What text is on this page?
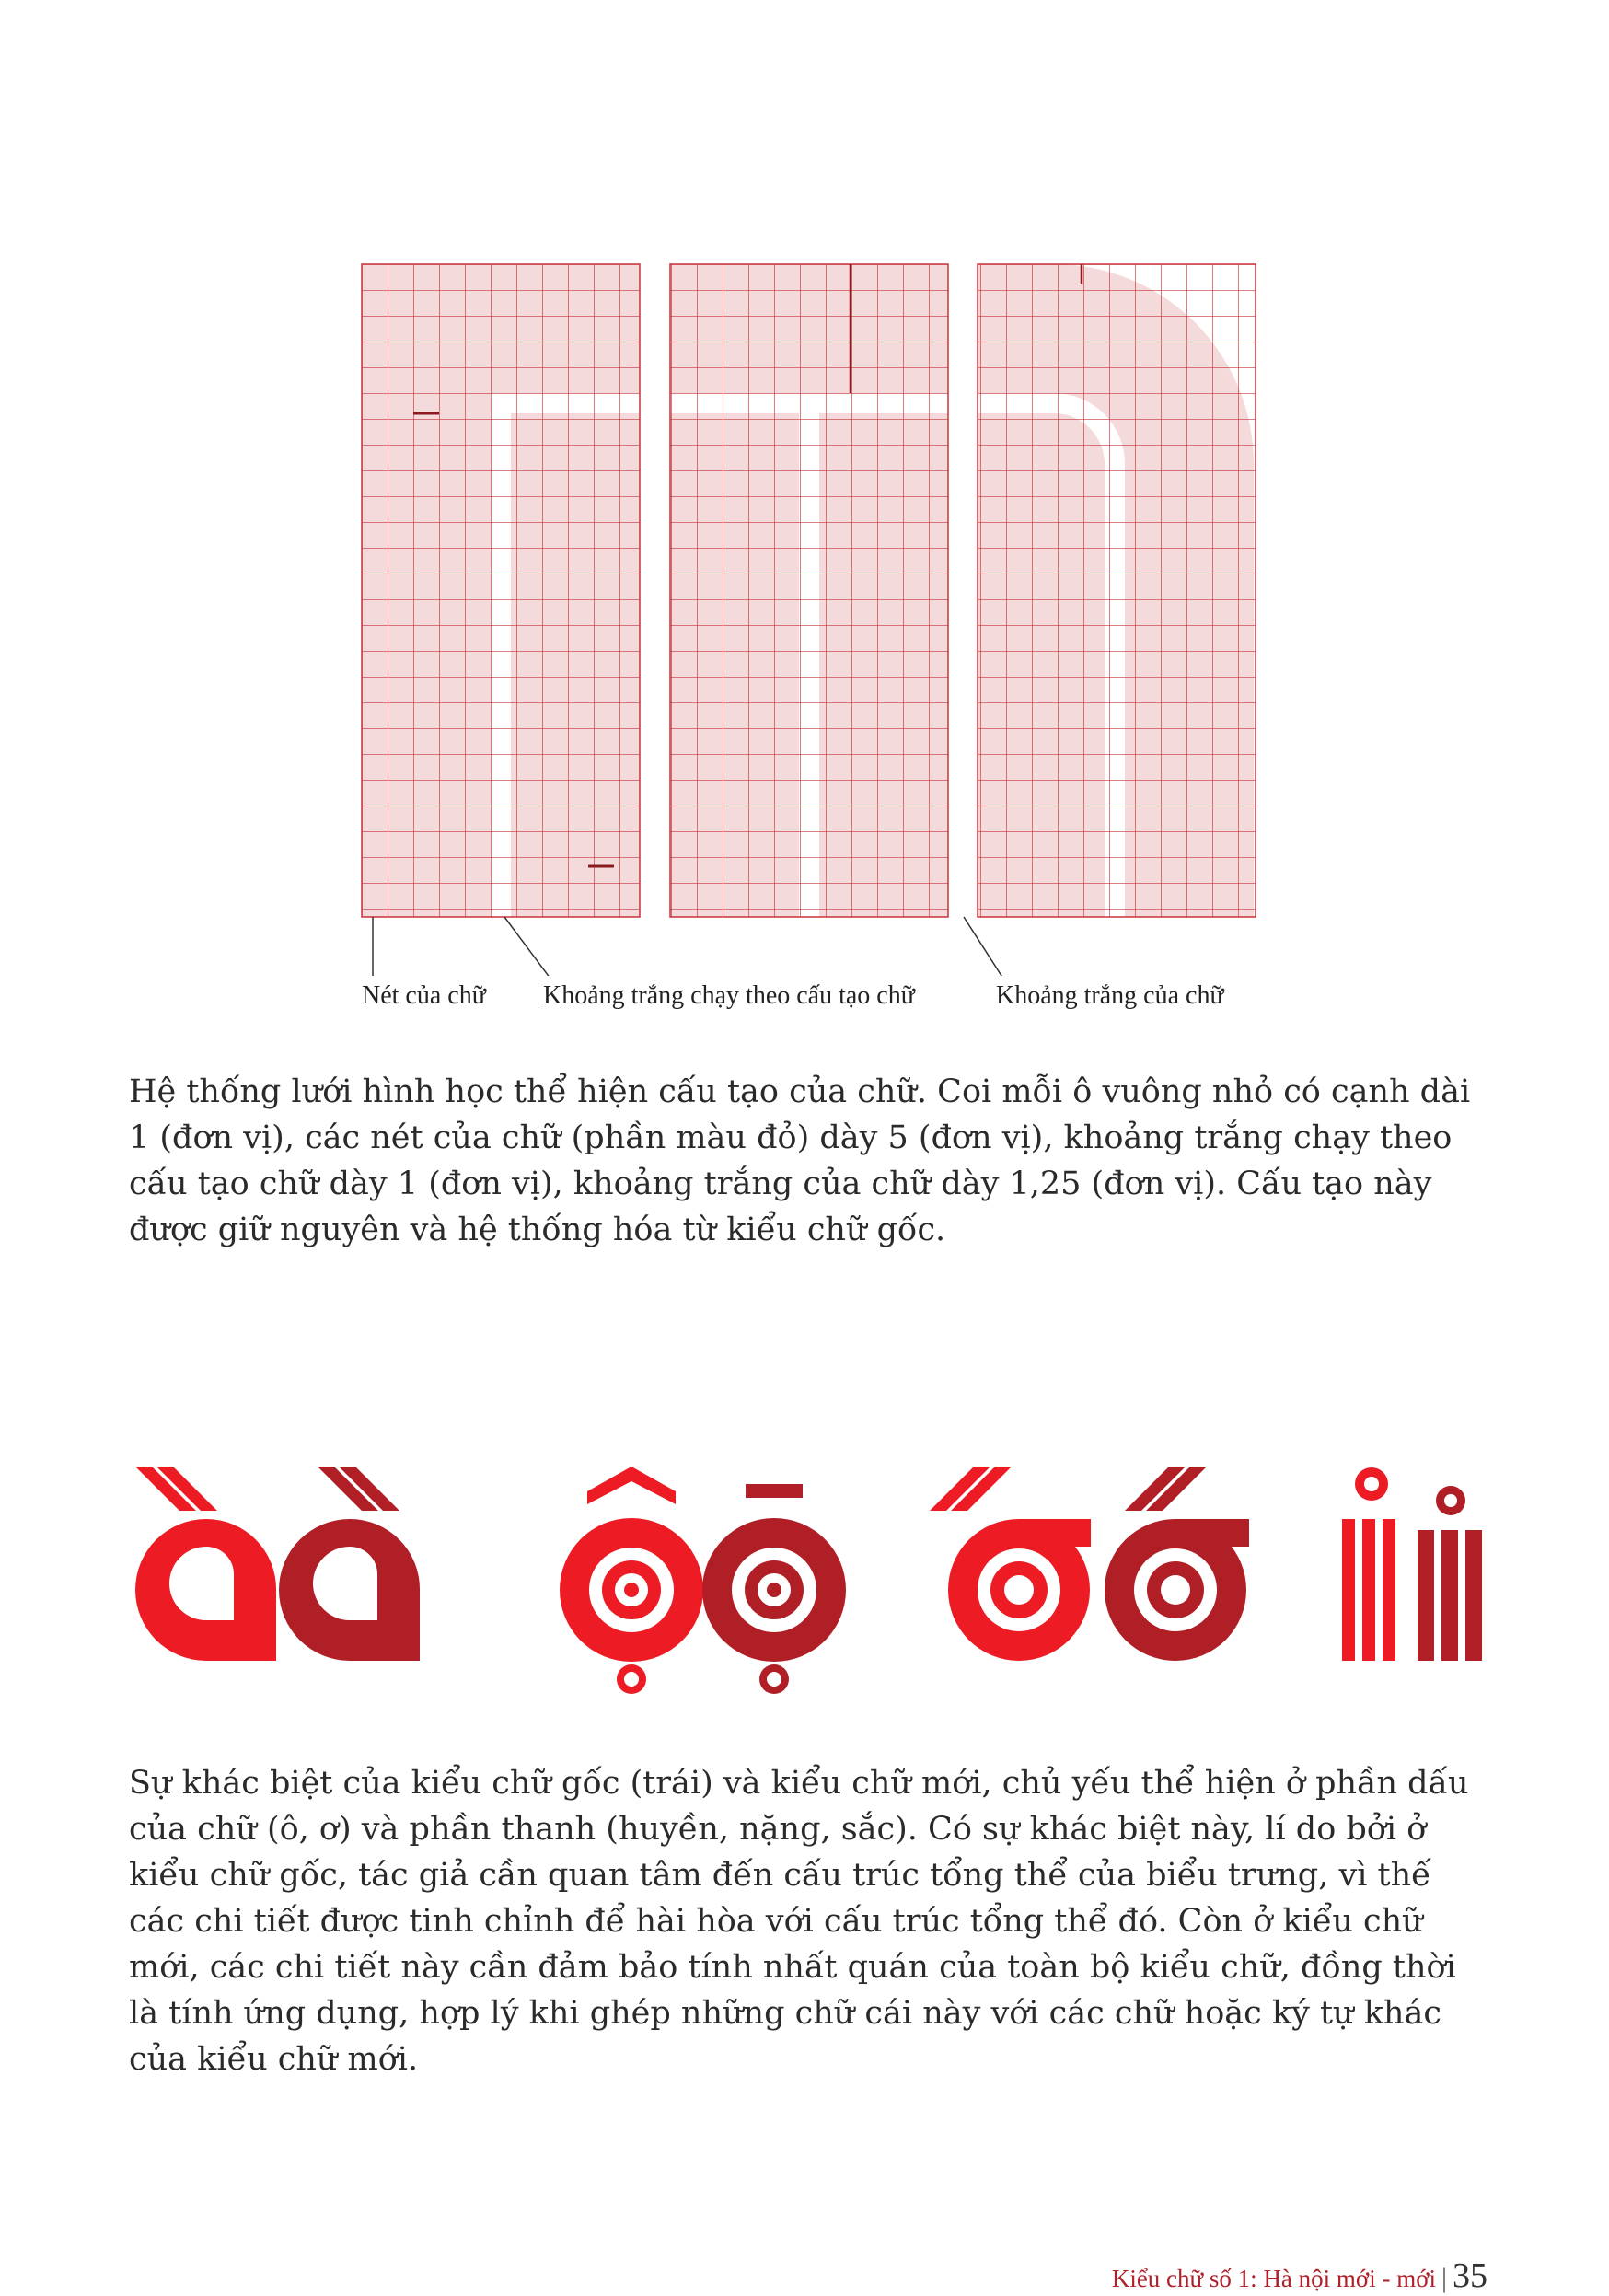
Nét của chữ Khoảng trắng chạy theo cấu tạo chữ	Khoảng trắng của chữ

Hệ thống lưới hình học thể hiện cấu tạo của chữ. Coi mỗi ô vuông nhỏ có cạnh dài 1 (đơn vị), các nét của chữ (phần màu đỏ) dày 5 (đơn vị), khoảng trắng chạy theo cấu tạo chữ dày 1 (đơn vị), khoảng trắng của chữ dày 1,25 (đơn vị). Cấu tạo này được giữ nguyên và hệ thống hóa từ kiểu chữ gốc.

Sự khác biệt của kiểu chữ gốc (trái) và kiểu chữ mới, chủ yếu thể hiện ở phần dấu của chữ (ô, ơ) và phần thanh (huyền, nặng, sắc). Có sự khác biệt này, lí do bởi ở kiểu chữ gốc, tác giả cần quan tâm đến cấu trúc tổng thể của biểu trưng, vì thế các chi tiết được tinh chỉnh để hài hòa với cấu trúc tổng thể đó. Còn ở kiểu chữ mới, các chi tiết này cần đảm bảo tính nhất quán của toàn bộ kiểu chữ, đồng thời là tính ứng dụng, hợp lý khi ghép những chữ cái này với các chữ hoặc ký tự khác của kiểu chữ mới.

Kiểu chữ số 1: Hà nội mới - mới | 35
